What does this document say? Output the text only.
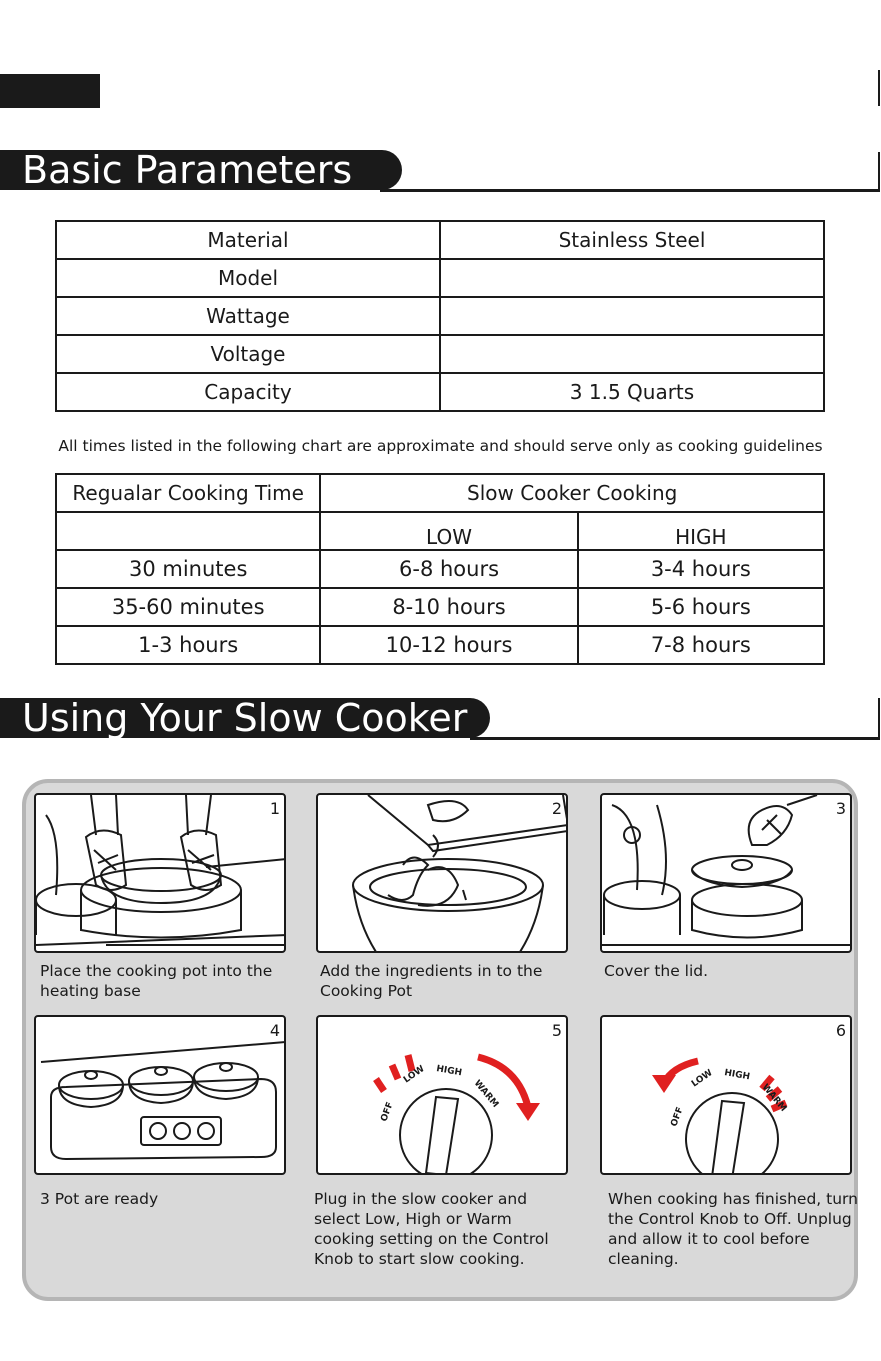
Basic Parameters
Material	Stainless Steel
Model	
Wattage	
Voltage	
Capacity	3 1.5 Quarts
All times listed in the following chart are approximate and should serve only as cooking guidelines
Regualar Cooking Time	Slow Cooker Cooking	
	LOW	HIGH
30 minutes	6-8 hours	3-4 hours
35-60 minutes	8-10 hours	5-6 hours
1-3 hours	10-12 hours	7-8 hours
Using Your Slow Cooker
1
Place the cooking pot into the heating base
2
Add the ingredients in to the Cooking Pot
3
Cover the lid.
4
3 Pot are ready
OFF
LOW HIGH
WARM
5
Plug in the slow cooker and select Low, High or Warm cooking setting on the Control Knob to start slow cooking.
OFF
LOW HIGH
WARM
6
When cooking has finished, turn the Control Knob to Off. Unplug and allow it to cool before cleaning.
